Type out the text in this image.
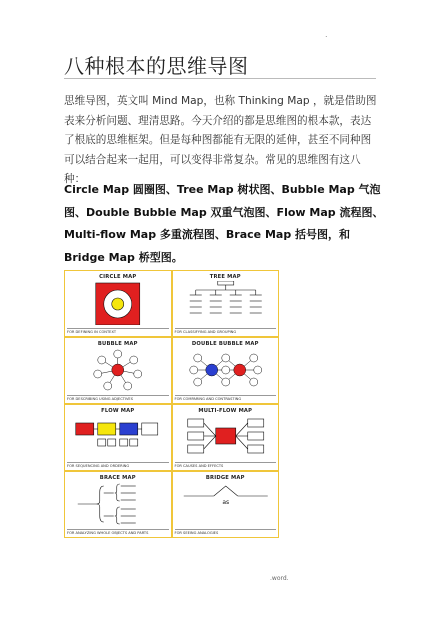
.
八种根本的思维导图
思维导图，英文叫 Mind Map，也称 Thinking Map ，就是借助图表来分析问题、理清思路。今天介绍的都是思维图的根本款，表达了根底的思维框架。但是每种图都能有无限的延伸，甚至不同种图可以结合起来一起用，可以变得非常复杂。常见的思维图有这八种：
Circle Map 圆圈图、Tree Map 树状图、Bubble Map 气泡图、Double Bubble Map 双重气泡图、Flow Map 流程图、Multi-flow Map 多重流程图、Brace Map 括号图，和 Bridge Map 桥型图。
CIRCLE MAP
FOR DEFINING IN CONTEXT
TREE MAP
FOR CLASSIFYING AND GROUPING
BUBBLE MAP
FOR DESCRIBING USING ADJECTIVES
DOUBLE BUBBLE MAP
FOR COMPARING AND CONTRASTING
FLOW MAP
FOR SEQUENCING AND ORDERING
MULTI-FLOW MAP
FOR CAUSES AND EFFECTS
BRACE MAP
FOR ANALYZING WHOLE OBJECTS AND PARTS
BRIDGE MAP
as
FOR SEEING ANALOGIES
.word.
